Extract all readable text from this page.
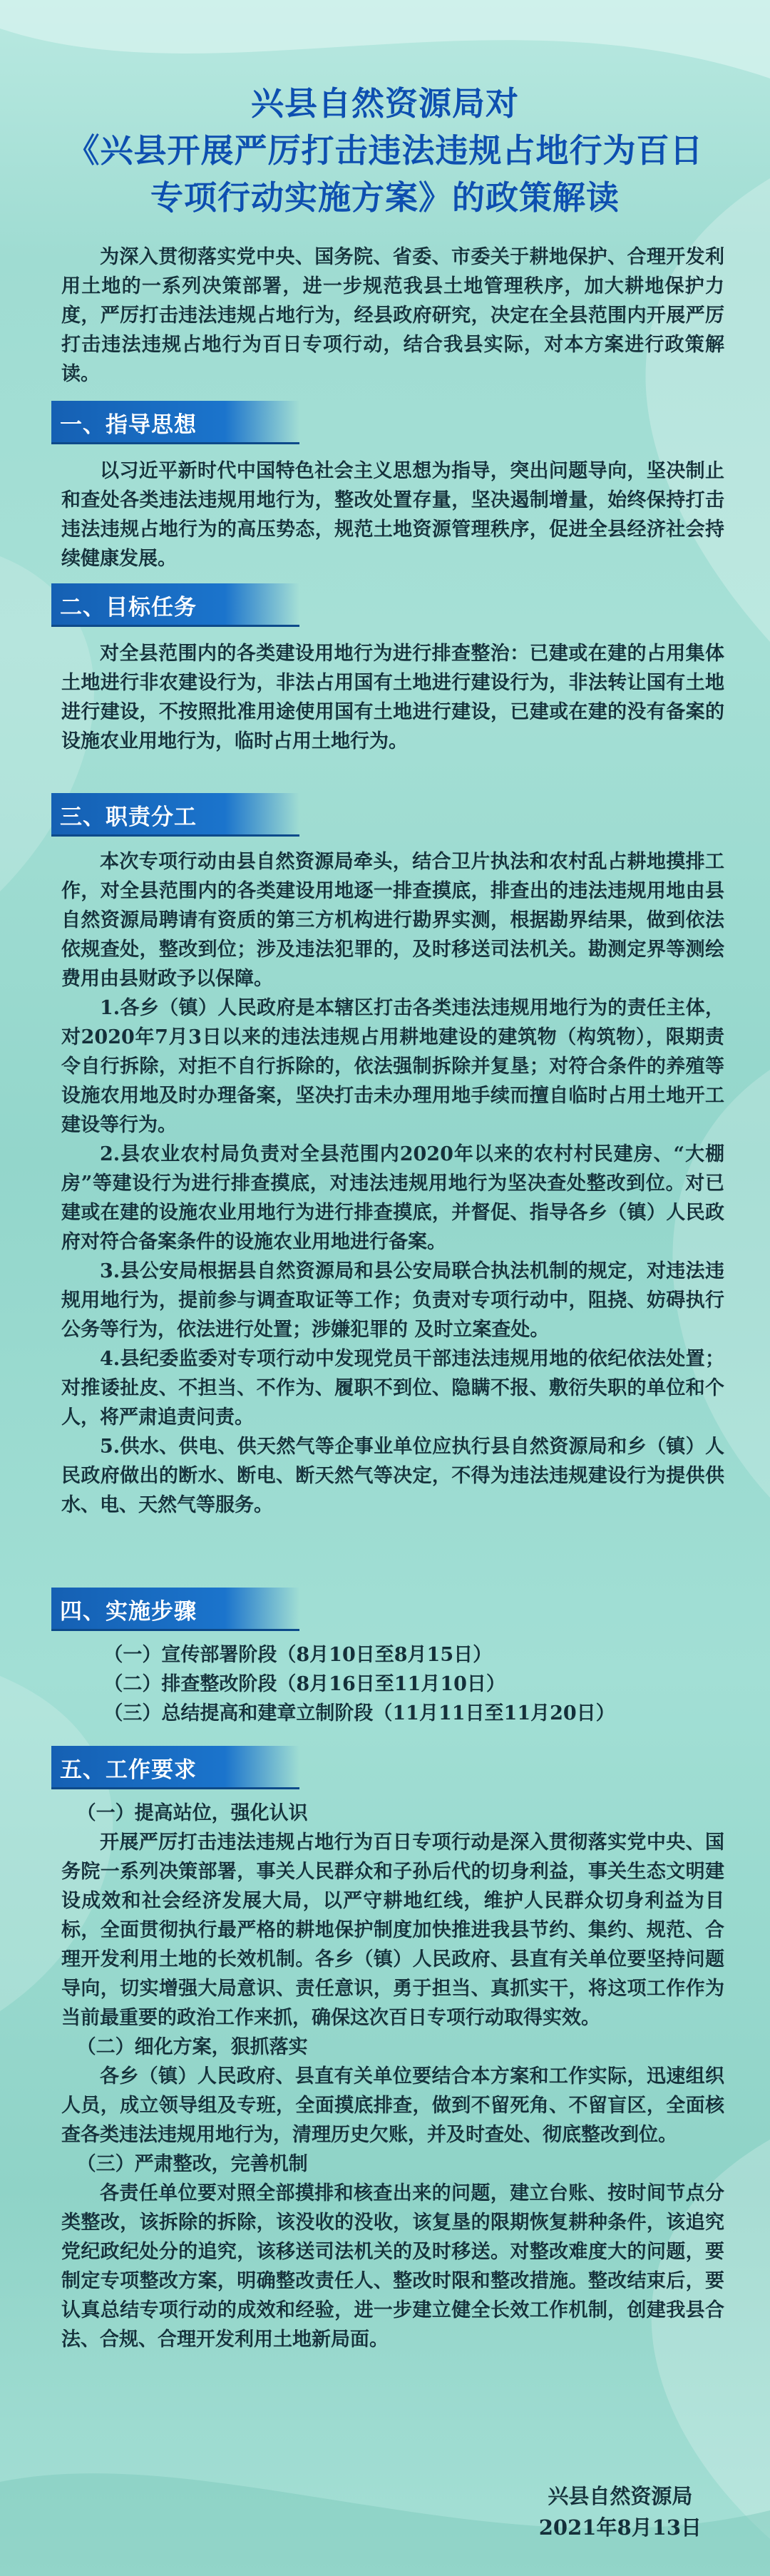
兴县自然资源局对
《兴县开展严厉打击违法违规占地行为百日
专项行动实施方案》的政策解读

为深入贯彻落实党中央、国务院、省委、市委关于耕地保护、合理开发利用土地的一系列决策部署，进一步规范我县土地管理秩序，加大耕地保护力度，严厉打击违法违规占地行为，经县政府研究，决定在全县范围内开展严厉打击违法违规占地行为百日专项行动，结合我县实际，对本方案进行政策解读。

一、指导思想

以习近平新时代中国特色社会主义思想为指导，突出问题导向，坚决制止和查处各类违法违规用地行为，整改处置存量，坚决遏制增量，始终保持打击违法违规占地行为的高压势态，规范土地资源管理秩序，促进全县经济社会持续健康发展。

二、目标任务

对全县范围内的各类建设用地行为进行排查整治：已建或在建的占用集体土地进行非农建设行为，非法占用国有土地进行建设行为，非法转让国有土地进行建设，不按照批准用途使用国有土地进行建设，已建或在建的没有备案的设施农业用地行为，临时占用土地行为。

三、职责分工

本次专项行动由县自然资源局牵头，结合卫片执法和农村乱占耕地摸排工作，对全县范围内的各类建设用地逐一排查摸底，排查出的违法违规用地由县自然资源局聘请有资质的第三方机构进行勘界实测，根据勘界结果，做到依法依规查处，整改到位；涉及违法犯罪的，及时移送司法机关。勘测定界等测绘费用由县财政予以保障。

1.各乡（镇）人民政府是本辖区打击各类违法违规用地行为的责任主体，对2020年7月3日以来的违法违规占用耕地建设的建筑物（构筑物），限期责令自行拆除，对拒不自行拆除的，依法强制拆除并复垦；对符合条件的养殖等设施农用地及时办理备案，坚决打击未办理用地手续而擅自临时占用土地开工建设等行为。

2.县农业农村局负责对全县范围内2020年以来的农村村民建房、“大棚房”等建设行为进行排查摸底，对违法违规用地行为坚决查处整改到位。对已建或在建的设施农业用地行为进行排查摸底，并督促、指导各乡（镇）人民政府对符合备案条件的设施农业用地进行备案。

3.县公安局根据县自然资源局和县公安局联合执法机制的规定，对违法违规用地行为，提前参与调查取证等工作；负责对专项行动中，阻挠、妨碍执行公务等行为，依法进行处置；涉嫌犯罪的 及时立案查处。

4.县纪委监委对专项行动中发现党员干部违法违规用地的依纪依法处置；对推诿扯皮、不担当、不作为、履职不到位、隐瞒不报、敷衍失职的单位和个人，将严肃追责问责。

5.供水、供电、供天然气等企事业单位应执行县自然资源局和乡（镇）人民政府做出的断水、断电、断天然气等决定，不得为违法违规建设行为提供供水、电、天然气等服务。

四、实施步骤

（一）宣传部署阶段（8月10日至8月15日）

（二）排查整改阶段（8月16日至11月10日）

（三）总结提高和建章立制阶段（11月11日至11月20日）

五、工作要求

（一）提高站位，强化认识

开展严厉打击违法违规占地行为百日专项行动是深入贯彻落实党中央、国务院一系列决策部署，事关人民群众和子孙后代的切身利益，事关生态文明建设成效和社会经济发展大局，以严守耕地红线，维护人民群众切身利益为目标，全面贯彻执行最严格的耕地保护制度加快推进我县节约、集约、规范、合理开发利用土地的长效机制。各乡（镇）人民政府、县直有关单位要坚持问题导向，切实增强大局意识、责任意识，勇于担当、真抓实干，将这项工作作为当前最重要的政治工作来抓，确保这次百日专项行动取得实效。

（二）细化方案，狠抓落实

各乡（镇）人民政府、县直有关单位要结合本方案和工作实际，迅速组织人员，成立领导组及专班，全面摸底排查，做到不留死角、不留盲区，全面核查各类违法违规用地行为，清理历史欠账，并及时查处、彻底整改到位。

（三）严肃整改，完善机制

各责任单位要对照全部摸排和核查出来的问题，建立台账、按时间节点分类整改，该拆除的拆除，该没收的没收，该复垦的限期恢复耕种条件，该追究党纪政纪处分的追究，该移送司法机关的及时移送。对整改难度大的问题，要制定专项整改方案，明确整改责任人、整改时限和整改措施。整改结束后，要认真总结专项行动的成效和经验，进一步建立健全长效工作机制，创建我县合法、合规、合理开发利用土地新局面。

兴县自然资源局
2021年8月13日
